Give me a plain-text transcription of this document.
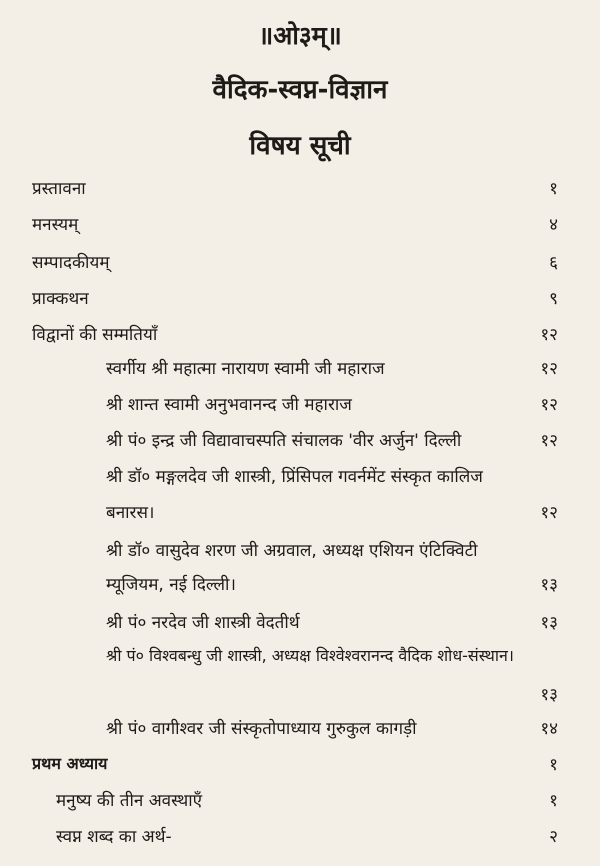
॥ओ३म्॥
वैदिक-स्वप्न-विज्ञान
विषय सूची
प्रस्तावना	१
मनस्यम्	४
सम्पादकीयम्	६
प्राक्कथन	९
विद्वानों की सम्मतियाँ	१२
स्वर्गीय श्री महात्मा नारायण स्वामी जी महाराज	१२
श्री शान्त स्वामी अनुभवानन्द जी महाराज	१२
श्री पं० इन्द्र जी विद्यावाचस्पति संचालक 'वीर अर्जुन' दिल्ली	१२
श्री डॉ० मङ्गलदेव जी शास्त्री, प्रिंसिपल गवर्नमेंट संस्कृत कालिज
बनारस।	१२
श्री डॉ० वासुदेव शरण जी अग्रवाल, अध्यक्ष एशियन एंटिक्विटी
म्यूजियम, नई दिल्ली।	१३
श्री पं० नरदेव जी शास्त्री वेदतीर्थ	१३
श्री पं० विश्वबन्धु जी शास्त्री, अध्यक्ष विश्वेश्वरानन्द वैदिक शोध-संस्थान।
१३
श्री पं० वागीश्वर जी संस्कृतोपाध्याय गुरुकुल कागड़ी	१४
प्रथम अध्याय	१
मनुष्य की तीन अवस्थाएँ	१
स्वप्न शब्द का अर्थ-	२
